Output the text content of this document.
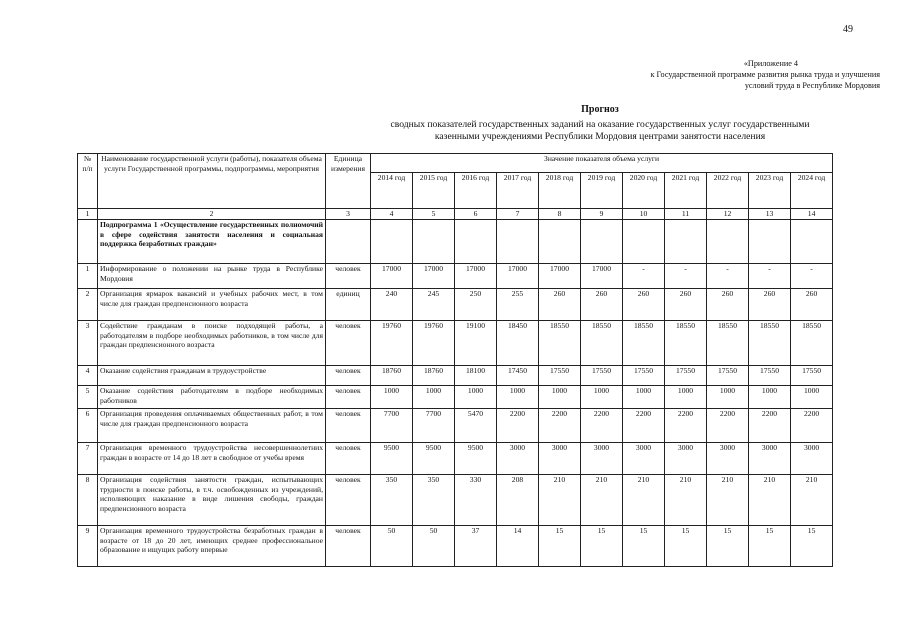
49
«Приложение 4
к Государственной программе развития рынка труда и улучшения
условий труда в Республике Мордовия
Прогноз
сводных показателей государственных заданий на оказание государственных услуг государственными
казенными учреждениями Республики Мордовия центрами занятости населения
№ п/п	Наименование государственной услуги (работы), показателя объема услуги Государственной программы, подпрограммы, мероприятия	Единица измерения	Значение показателя объема услуги										
			2014 год	2015 год	2016 год	2017 год	2018 год	2019 год	2020 год	2021 год	2022 год	2023 год	2024 год
1	2	3	4	5	6	7	8	9	10	11	12	13	14
	Подпрограмма 1 «Осуществление государственных полномочий в сфере содействия занятости населения и социальная поддержка безработных граждан»												
1	Информирование о положении на рынке труда в Республике Мордовия	человек	17000	17000	17000	17000	17000	17000	-	-	-	-	-
2	Организация ярмарок вакансий и учебных рабочих мест, в том числе для граждан предпенсионного возраста	единиц	240	245	250	255	260	260	260	260	260	260	260
3	Содействие гражданам в поиске подходящей работы, а работодателям в подборе необходимых работников, в том числе для граждан предпенсионного возраста	человек	19760	19760	19100	18450	18550	18550	18550	18550	18550	18550	18550
4	Оказание содействия гражданам в трудоустройстве	человек	18760	18760	18100	17450	17550	17550	17550	17550	17550	17550	17550
5	Оказание содействия работодателям в подборе необходимых работников	человек	1000	1000	1000	1000	1000	1000	1000	1000	1000	1000	1000
6	Организация проведения оплачиваемых общественных работ, в том числе для граждан предпенсионного возраста	человек	7700	7700	5470	2200	2200	2200	2200	2200	2200	2200	2200
7	Организация временного трудоустройства несовершеннолетних граждан в возрасте от 14 до 18 лет в свободное от учебы время	человек	9500	9500	9500	3000	3000	3000	3000	3000	3000	3000	3000
8	Организация содействия занятости граждан, испытывающих трудности в поиске работы, в т.ч. освобожденных из учреждений, исполняющих наказание в виде лишения свободы, граждан предпенсионного возраста	человек	350	350	330	208	210	210	210	210	210	210	210
9	Организация временного трудоустройства безработных граждан в возрасте от 18 до 20 лет, имеющих среднее профессиональное образование и ищущих работу впервые	человек	50	50	37	14	15	15	15	15	15	15	15
